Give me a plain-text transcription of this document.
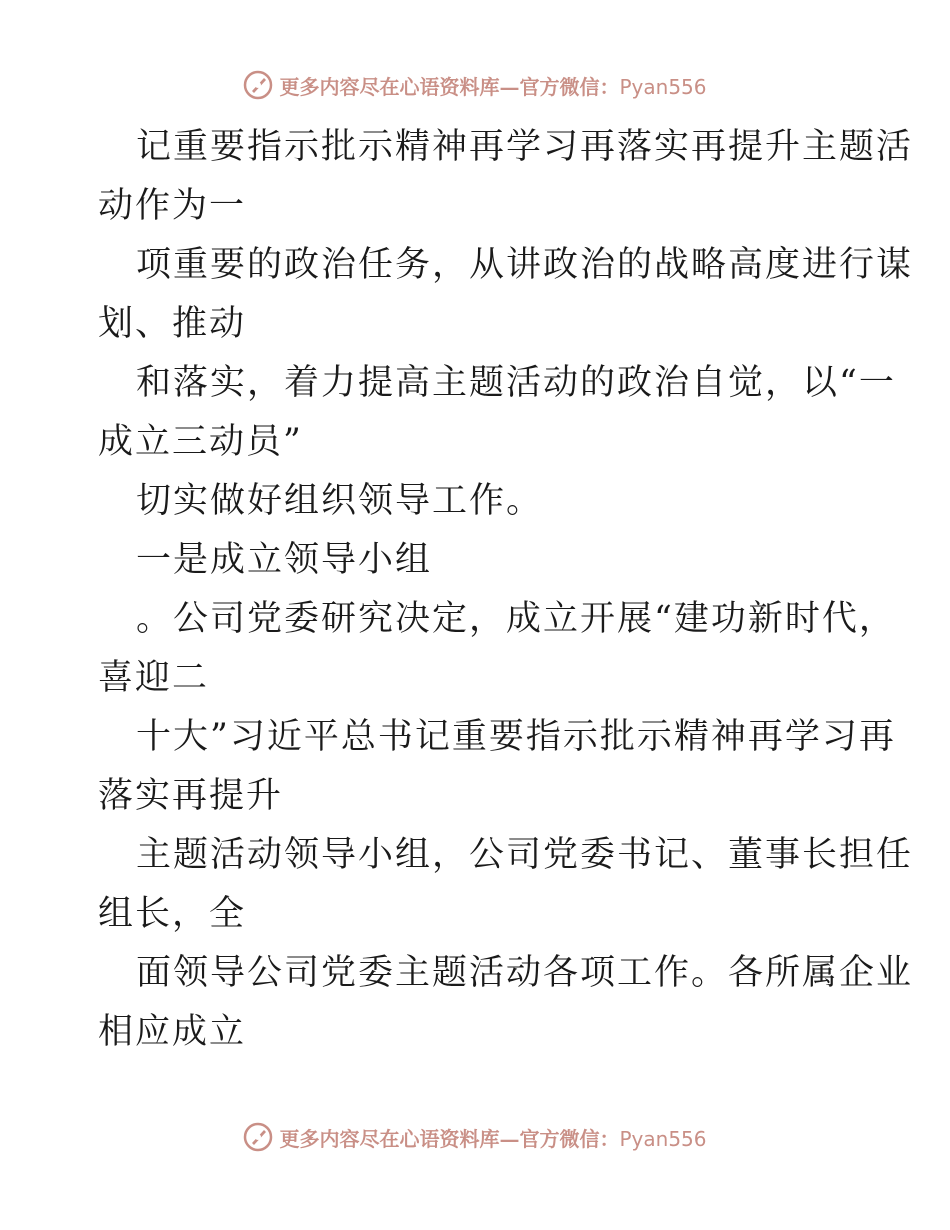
更多内容尽在心语资料库—官方微信：Pyan556
记重要指示批示精神再学习再落实再提升主题活
动作为一
项重要的政治任务，从讲政治的战略高度进行谋
划、推动
和落实，着力提高主题活动的政治自觉，以“一
成立三动员”
切实做好组织领导工作。
一是成立领导小组
。公司党委研究决定，成立开展“建功新时代，
喜迎二
十大”习近平总书记重要指示批示精神再学习再
落实再提升
主题活动领导小组，公司党委书记、董事长担任
组长，全
面领导公司党委主题活动各项工作。各所属企业
相应成立
更多内容尽在心语资料库—官方微信：Pyan556
